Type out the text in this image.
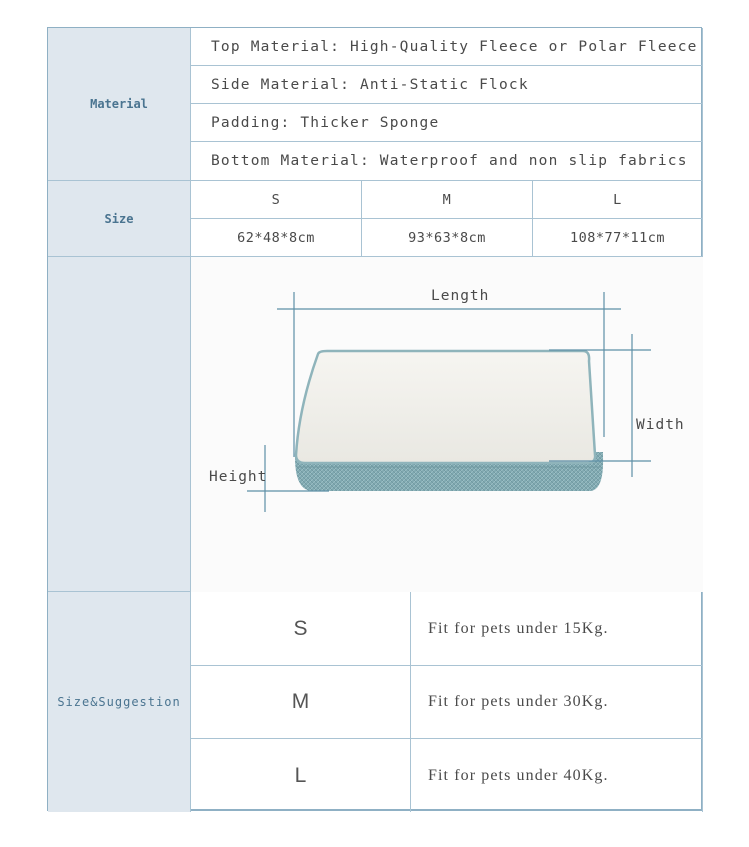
Material
Top Material: High-Quality Fleece or Polar Fleece
Side Material: Anti-Static Flock
Padding: Thicker Sponge
Bottom Material: Waterproof and non slip fabrics
Size
S	M	L
62*48*8cm	93*63*8cm	108*77*11cm
Length
Width
Height
Size&Suggestion
S	Fit for pets under 15Kg.
M	Fit for pets under 30Kg.
L	Fit for pets under 40Kg.
